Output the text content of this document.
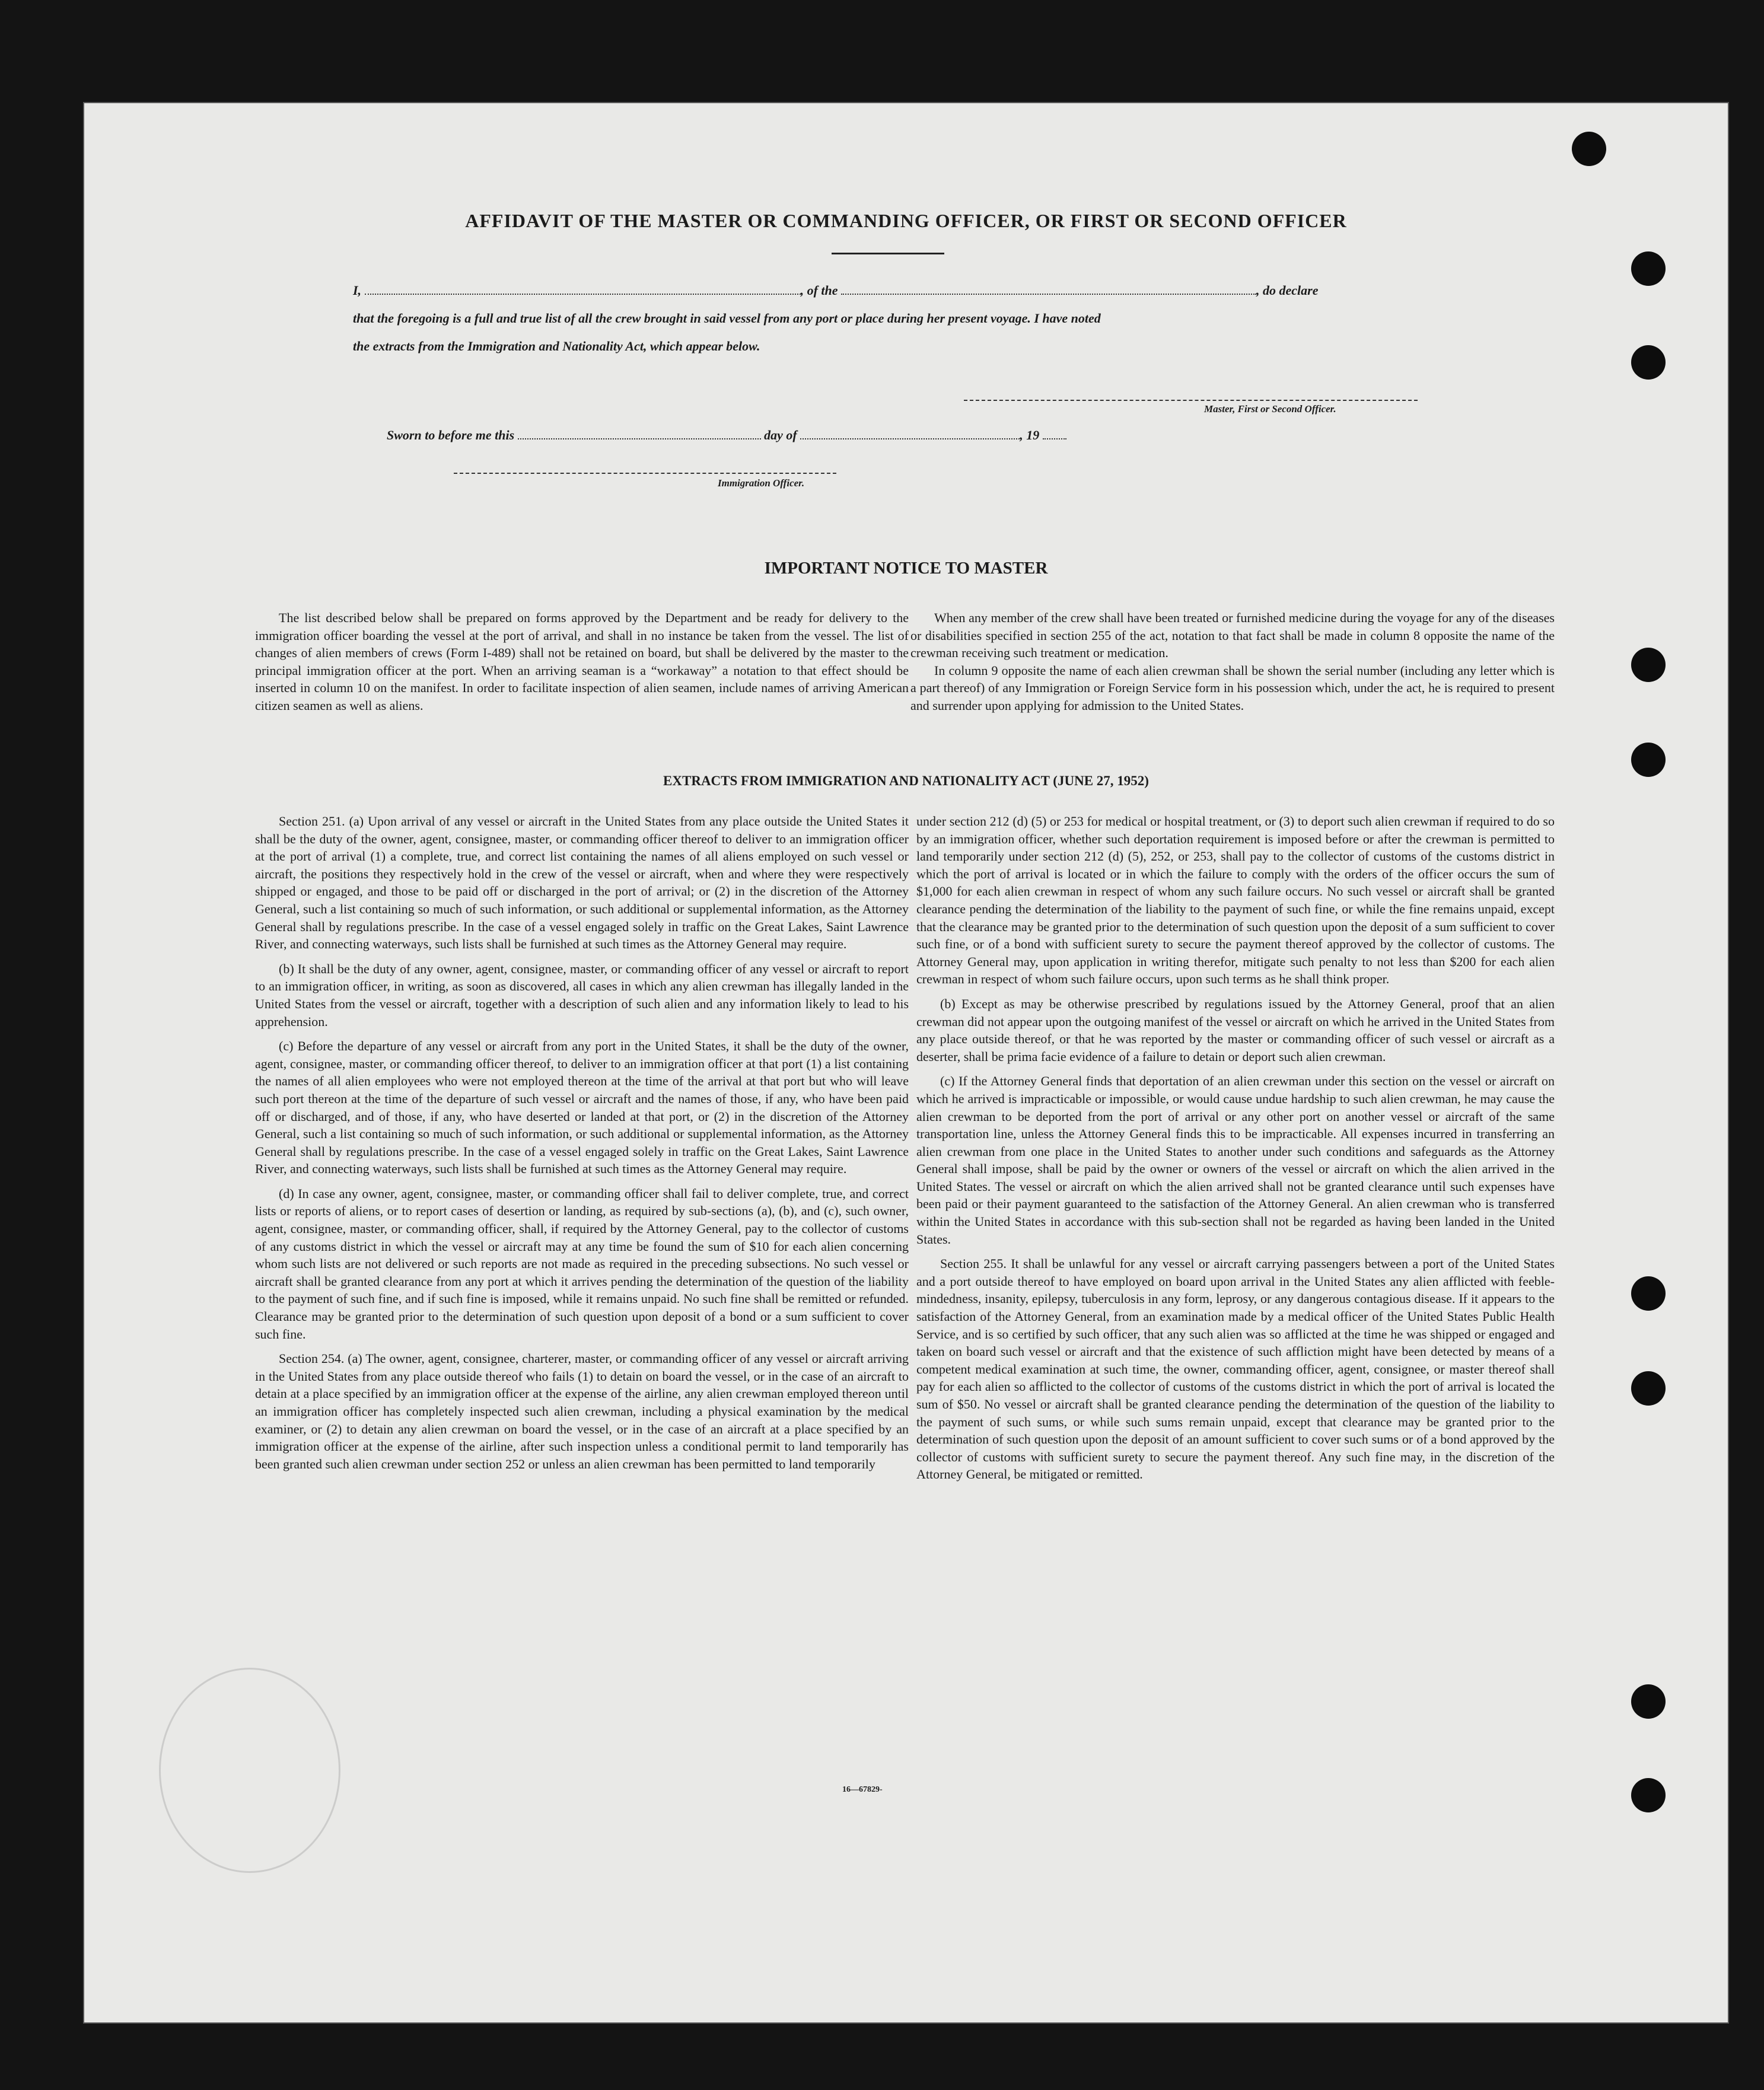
AFFIDAVIT OF THE MASTER OR COMMANDING OFFICER, OR FIRST OR SECOND OFFICER
I,	, of the	, do declare
that the foregoing is a full and true list of all the crew brought in said vessel from any port or place during her present voyage. I have noted
the extracts from the Immigration and Nationality Act, which appear below.
Master, First or Second Officer.
Sworn to before me this	day of	, 19
Immigration Officer.
IMPORTANT NOTICE TO MASTER

The list described below shall be prepared on forms approved by the Department and be ready for delivery to the immigration officer boarding the vessel at the port of arrival, and shall in no instance be taken from the vessel. The list of changes of alien members of crews (Form I-489) shall not be retained on board, but shall be delivered by the master to the principal immigration officer at the port. When an arriving seaman is a “workaway” a notation to that effect should be inserted in column 10 on the manifest. In order to facilitate inspection of alien seamen, include names of arriving American citizen seamen as well as aliens.

When any member of the crew shall have been treated or furnished medicine during the voyage for any of the diseases or disabilities specified in section 255 of the act, notation to that fact shall be made in column 8 opposite the name of the crewman receiving such treatment or medication.

In column 9 opposite the name of each alien crewman shall be shown the serial number (including any letter which is a part thereof) of any Immigration or Foreign Service form in his possession which, under the act, he is required to present and surrender upon applying for admission to the United States.

EXTRACTS FROM IMMIGRATION AND NATIONALITY ACT (JUNE 27, 1952)

Section 251. (a) Upon arrival of any vessel or aircraft in the United States from any place outside the United States it shall be the duty of the owner, agent, consignee, master, or commanding officer thereof to deliver to an immigration officer at the port of arrival (1) a complete, true, and correct list containing the names of all aliens employed on such vessel or aircraft, the positions they respectively hold in the crew of the vessel or aircraft, when and where they were respectively shipped or engaged, and those to be paid off or discharged in the port of arrival; or (2) in the discretion of the Attorney General, such a list containing so much of such information, or such additional or supplemental information, as the Attorney General shall by regulations prescribe. In the case of a vessel engaged solely in traffic on the Great Lakes, Saint Lawrence River, and connecting waterways, such lists shall be furnished at such times as the Attorney General may require.

(b) It shall be the duty of any owner, agent, consignee, master, or commanding officer of any vessel or aircraft to report to an immigration officer, in writing, as soon as discovered, all cases in which any alien crewman has illegally landed in the United States from the vessel or aircraft, together with a description of such alien and any information likely to lead to his apprehension.

(c) Before the departure of any vessel or aircraft from any port in the United States, it shall be the duty of the owner, agent, consignee, master, or commanding officer thereof, to deliver to an immigration officer at that port (1) a list containing the names of all alien employees who were not employed thereon at the time of the arrival at that port but who will leave such port thereon at the time of the departure of such vessel or aircraft and the names of those, if any, who have been paid off or discharged, and of those, if any, who have deserted or landed at that port, or (2) in the discretion of the Attorney General, such a list containing so much of such information, or such additional or supplemental information, as the Attorney General shall by regulations prescribe. In the case of a vessel engaged solely in traffic on the Great Lakes, Saint Lawrence River, and connecting waterways, such lists shall be furnished at such times as the Attorney General may require.

(d) In case any owner, agent, consignee, master, or commanding officer shall fail to deliver complete, true, and correct lists or reports of aliens, or to report cases of desertion or landing, as required by sub-sections (a), (b), and (c), such owner, agent, consignee, master, or commanding officer, shall, if required by the Attorney General, pay to the collector of customs of any customs district in which the vessel or aircraft may at any time be found the sum of $10 for each alien concerning whom such lists are not delivered or such reports are not made as required in the preceding subsections. No such vessel or aircraft shall be granted clearance from any port at which it arrives pending the determination of the question of the liability to the payment of such fine, and if such fine is imposed, while it remains unpaid. No such fine shall be remitted or refunded. Clearance may be granted prior to the determination of such question upon deposit of a bond or a sum sufficient to cover such fine.

Section 254. (a) The owner, agent, consignee, charterer, master, or commanding officer of any vessel or aircraft arriving in the United States from any place outside thereof who fails (1) to detain on board the vessel, or in the case of an aircraft to detain at a place specified by an immigration officer at the expense of the airline, any alien crewman employed thereon until an immigration officer has completely inspected such alien crewman, including a physical examination by the medical examiner, or (2) to detain any alien crewman on board the vessel, or in the case of an aircraft at a place specified by an immigration officer at the expense of the airline, after such inspection unless a conditional permit to land temporarily has been granted such alien crewman under section 252 or unless an alien crewman has been permitted to land temporarily

under section 212 (d) (5) or 253 for medical or hospital treatment, or (3) to deport such alien crewman if required to do so by an immigration officer, whether such deportation requirement is imposed before or after the crewman is permitted to land temporarily under section 212 (d) (5), 252, or 253, shall pay to the collector of customs of the customs district in which the port of arrival is located or in which the failure to comply with the orders of the officer occurs the sum of $1,000 for each alien crewman in respect of whom any such failure occurs. No such vessel or aircraft shall be granted clearance pending the determination of the liability to the payment of such fine, or while the fine remains unpaid, except that the clearance may be granted prior to the determination of such question upon the deposit of a sum sufficient to cover such fine, or of a bond with sufficient surety to secure the payment thereof approved by the collector of customs. The Attorney General may, upon application in writing therefor, mitigate such penalty to not less than $200 for each alien crewman in respect of whom such failure occurs, upon such terms as he shall think proper.

(b) Except as may be otherwise prescribed by regulations issued by the Attorney General, proof that an alien crewman did not appear upon the outgoing manifest of the vessel or aircraft on which he arrived in the United States from any place outside thereof, or that he was reported by the master or commanding officer of such vessel or aircraft as a deserter, shall be prima facie evidence of a failure to detain or deport such alien crewman.

(c) If the Attorney General finds that deportation of an alien crewman under this section on the vessel or aircraft on which he arrived is impracticable or impossible, or would cause undue hardship to such alien crewman, he may cause the alien crewman to be deported from the port of arrival or any other port on another vessel or aircraft of the same transportation line, unless the Attorney General finds this to be impracticable. All expenses incurred in transferring an alien crewman from one place in the United States to another under such conditions and safeguards as the Attorney General shall impose, shall be paid by the owner or owners of the vessel or aircraft on which the alien arrived in the United States. The vessel or aircraft on which the alien arrived shall not be granted clearance until such expenses have been paid or their payment guaranteed to the satisfaction of the Attorney General. An alien crewman who is transferred within the United States in accordance with this sub-section shall not be regarded as having been landed in the United States.

Section 255. It shall be unlawful for any vessel or aircraft carrying passengers between a port of the United States and a port outside thereof to have employed on board upon arrival in the United States any alien afflicted with feeble-mindedness, insanity, epilepsy, tuberculosis in any form, leprosy, or any dangerous contagious disease. If it appears to the satisfaction of the Attorney General, from an examination made by a medical officer of the United States Public Health Service, and is so certified by such officer, that any such alien was so afflicted at the time he was shipped or engaged and taken on board such vessel or aircraft and that the existence of such affliction might have been detected by means of a competent medical examination at such time, the owner, commanding officer, agent, consignee, or master thereof shall pay for each alien so afflicted to the collector of customs of the customs district in which the port of arrival is located the sum of $50. No vessel or aircraft shall be granted clearance pending the determination of the question of the liability to the payment of such sums, or while such sums remain unpaid, except that clearance may be granted prior to the determination of such question upon the deposit of an amount sufficient to cover such sums or of a bond approved by the collector of customs with sufficient surety to secure the payment thereof. Any such fine may, in the discretion of the Attorney General, be mitigated or remitted.

16—67829-
